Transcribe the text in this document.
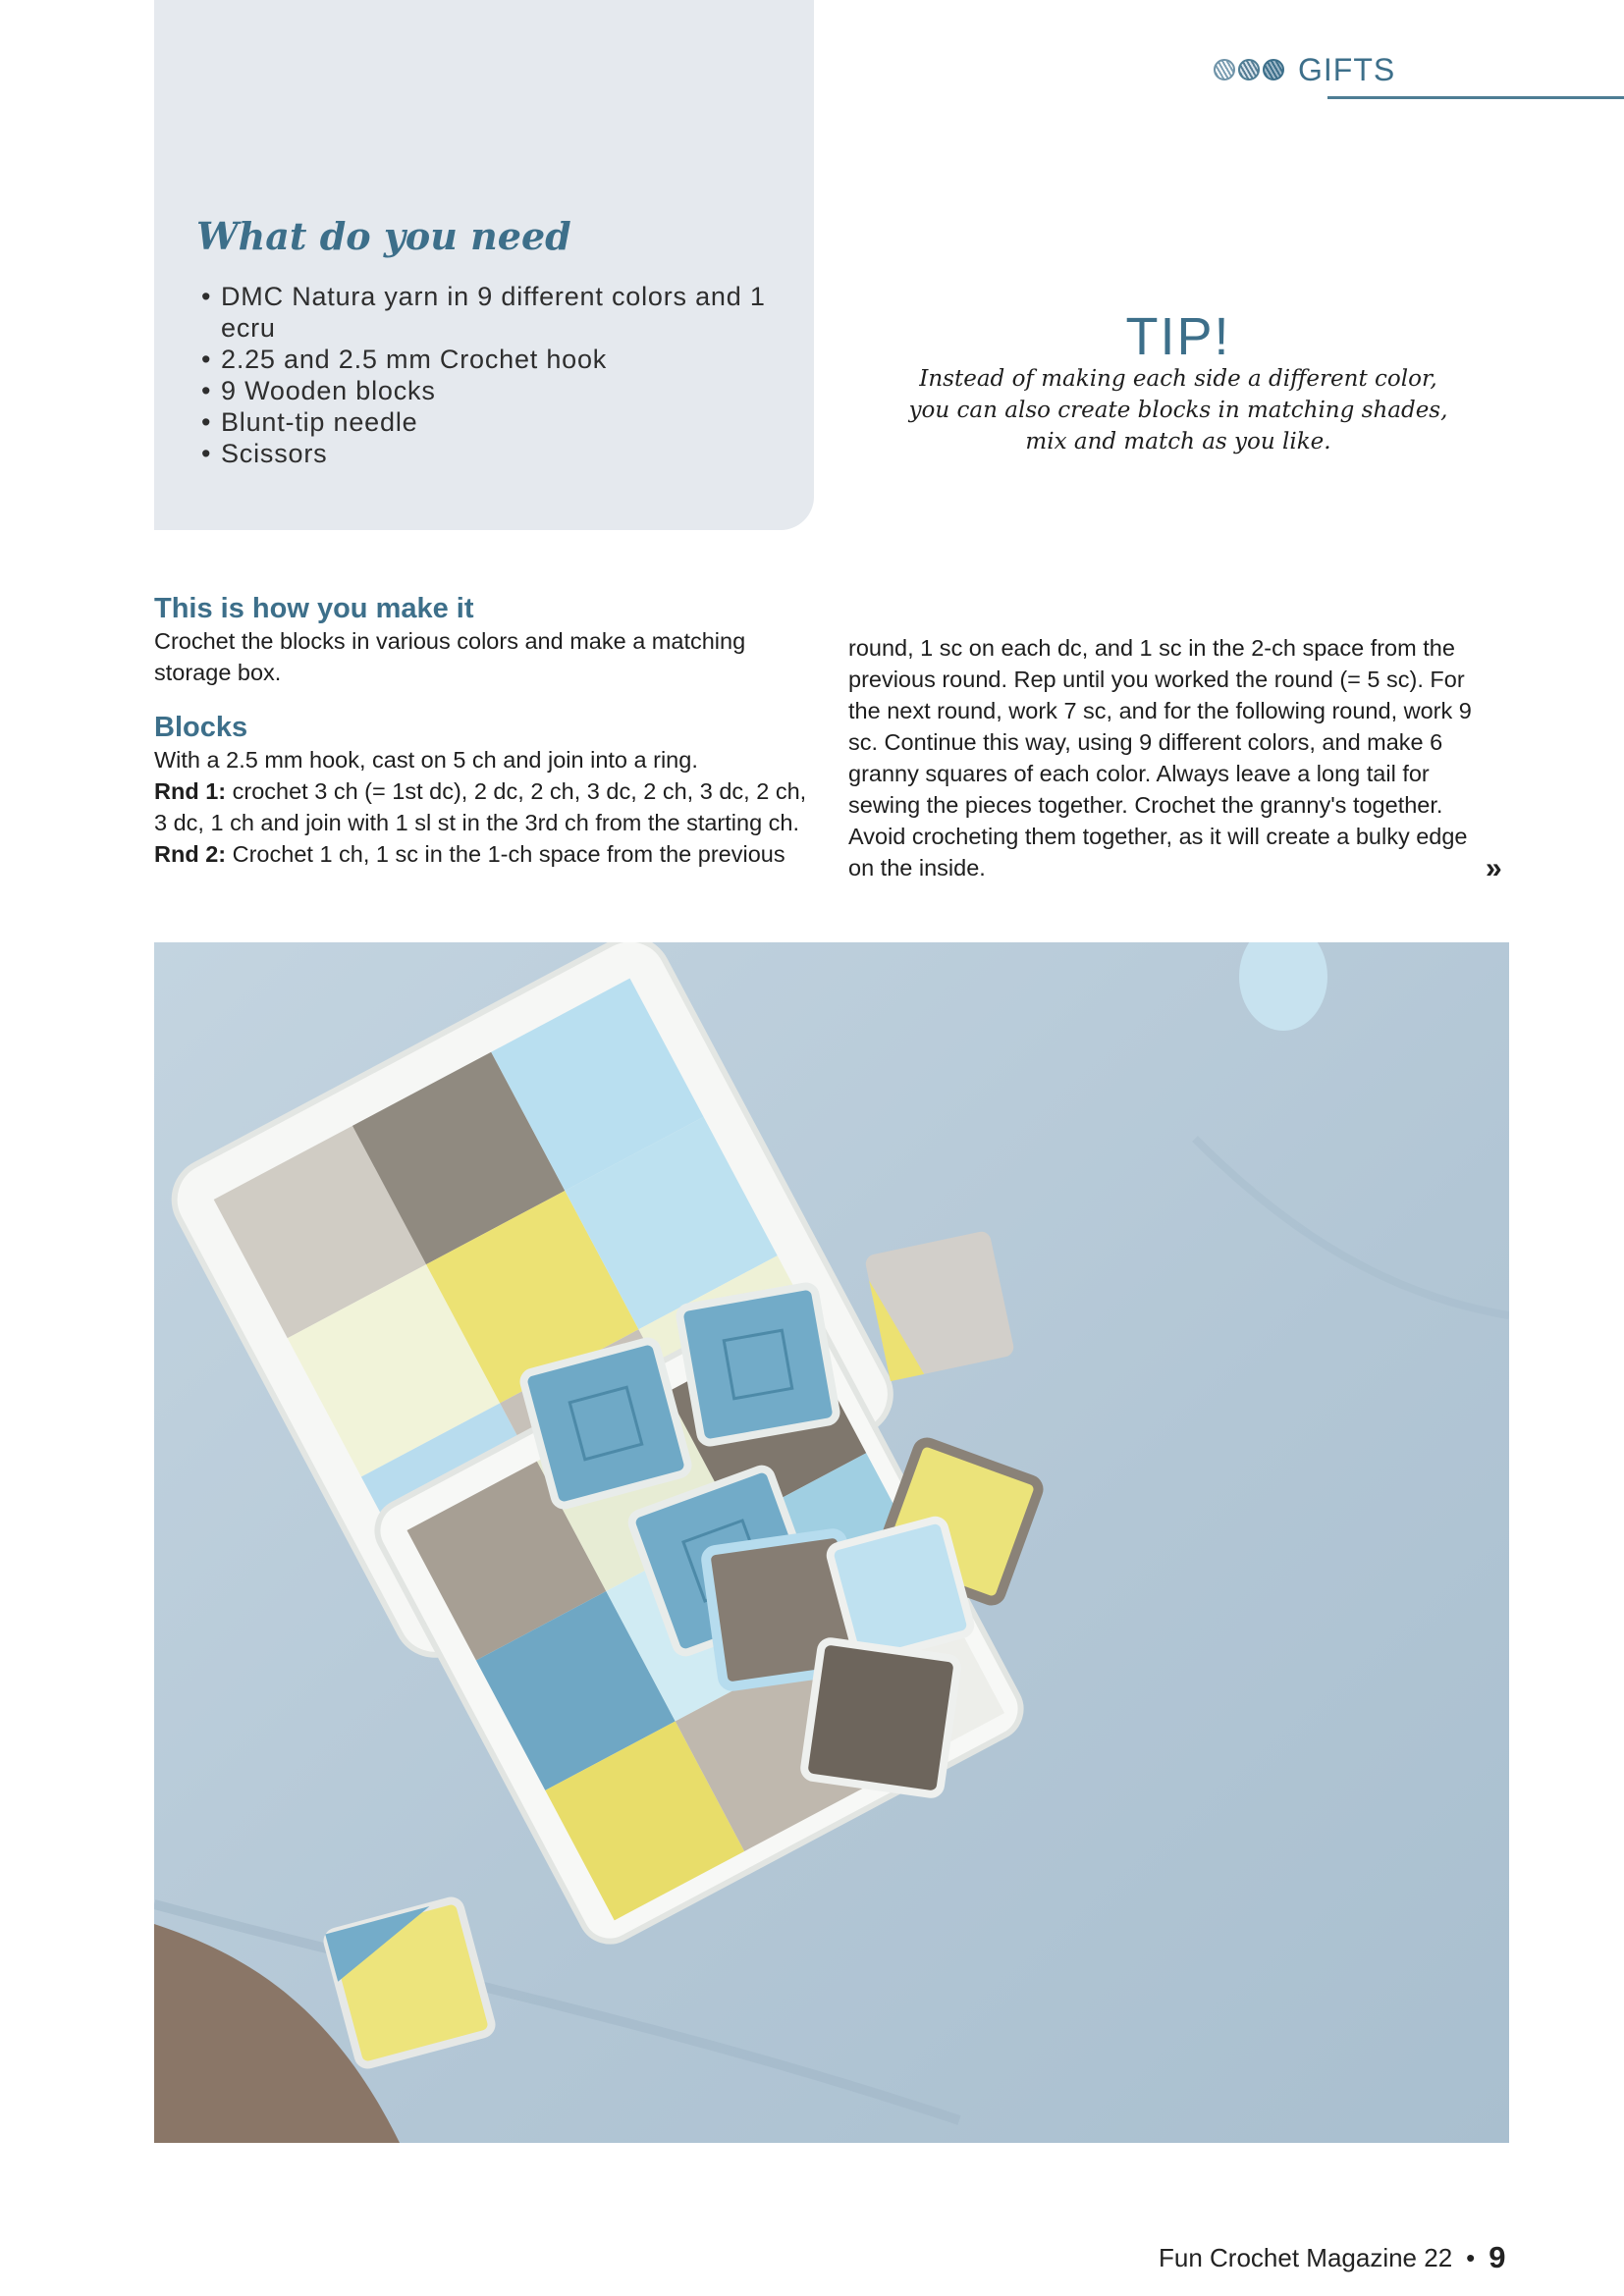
GIFTS
What do you need
• DMC Natura yarn in 9 different colors and 1 ecru
• 2.25 and 2.5 mm Crochet hook
• 9 Wooden blocks
• Blunt-tip needle
• Scissors
TIP!
Instead of making each side a different color,
you can also create blocks in matching shades,
mix and match as you like.
This is how you make it

Crochet the blocks in various colors and make a matching storage box.

Blocks

With a 2.5 mm hook, cast on 5 ch and join into a ring.

Rnd 1: crochet 3 ch (= 1st dc), 2 dc, 2 ch, 3 dc, 2 ch, 3 dc, 2 ch, 3 dc, 1 ch and join with 1 sl st in the 3rd ch from the starting ch.

Rnd 2: Crochet 1 ch, 1 sc in the 1-ch space from the previous

round, 1 sc on each dc, and 1 sc in the 2-ch space from the previous round. Rep until you worked the round (= 5 sc). For the next round, work 7 sc, and for the following round, work 9 sc. Continue this way, using 9 different colors, and make 6 granny squares of each color. Always leave a long tail for sewing the pieces together. Crochet the granny's together. Avoid crocheting them together, as it will create a bulky edge on the inside.	»
Fun Crochet Magazine 22 • 9
